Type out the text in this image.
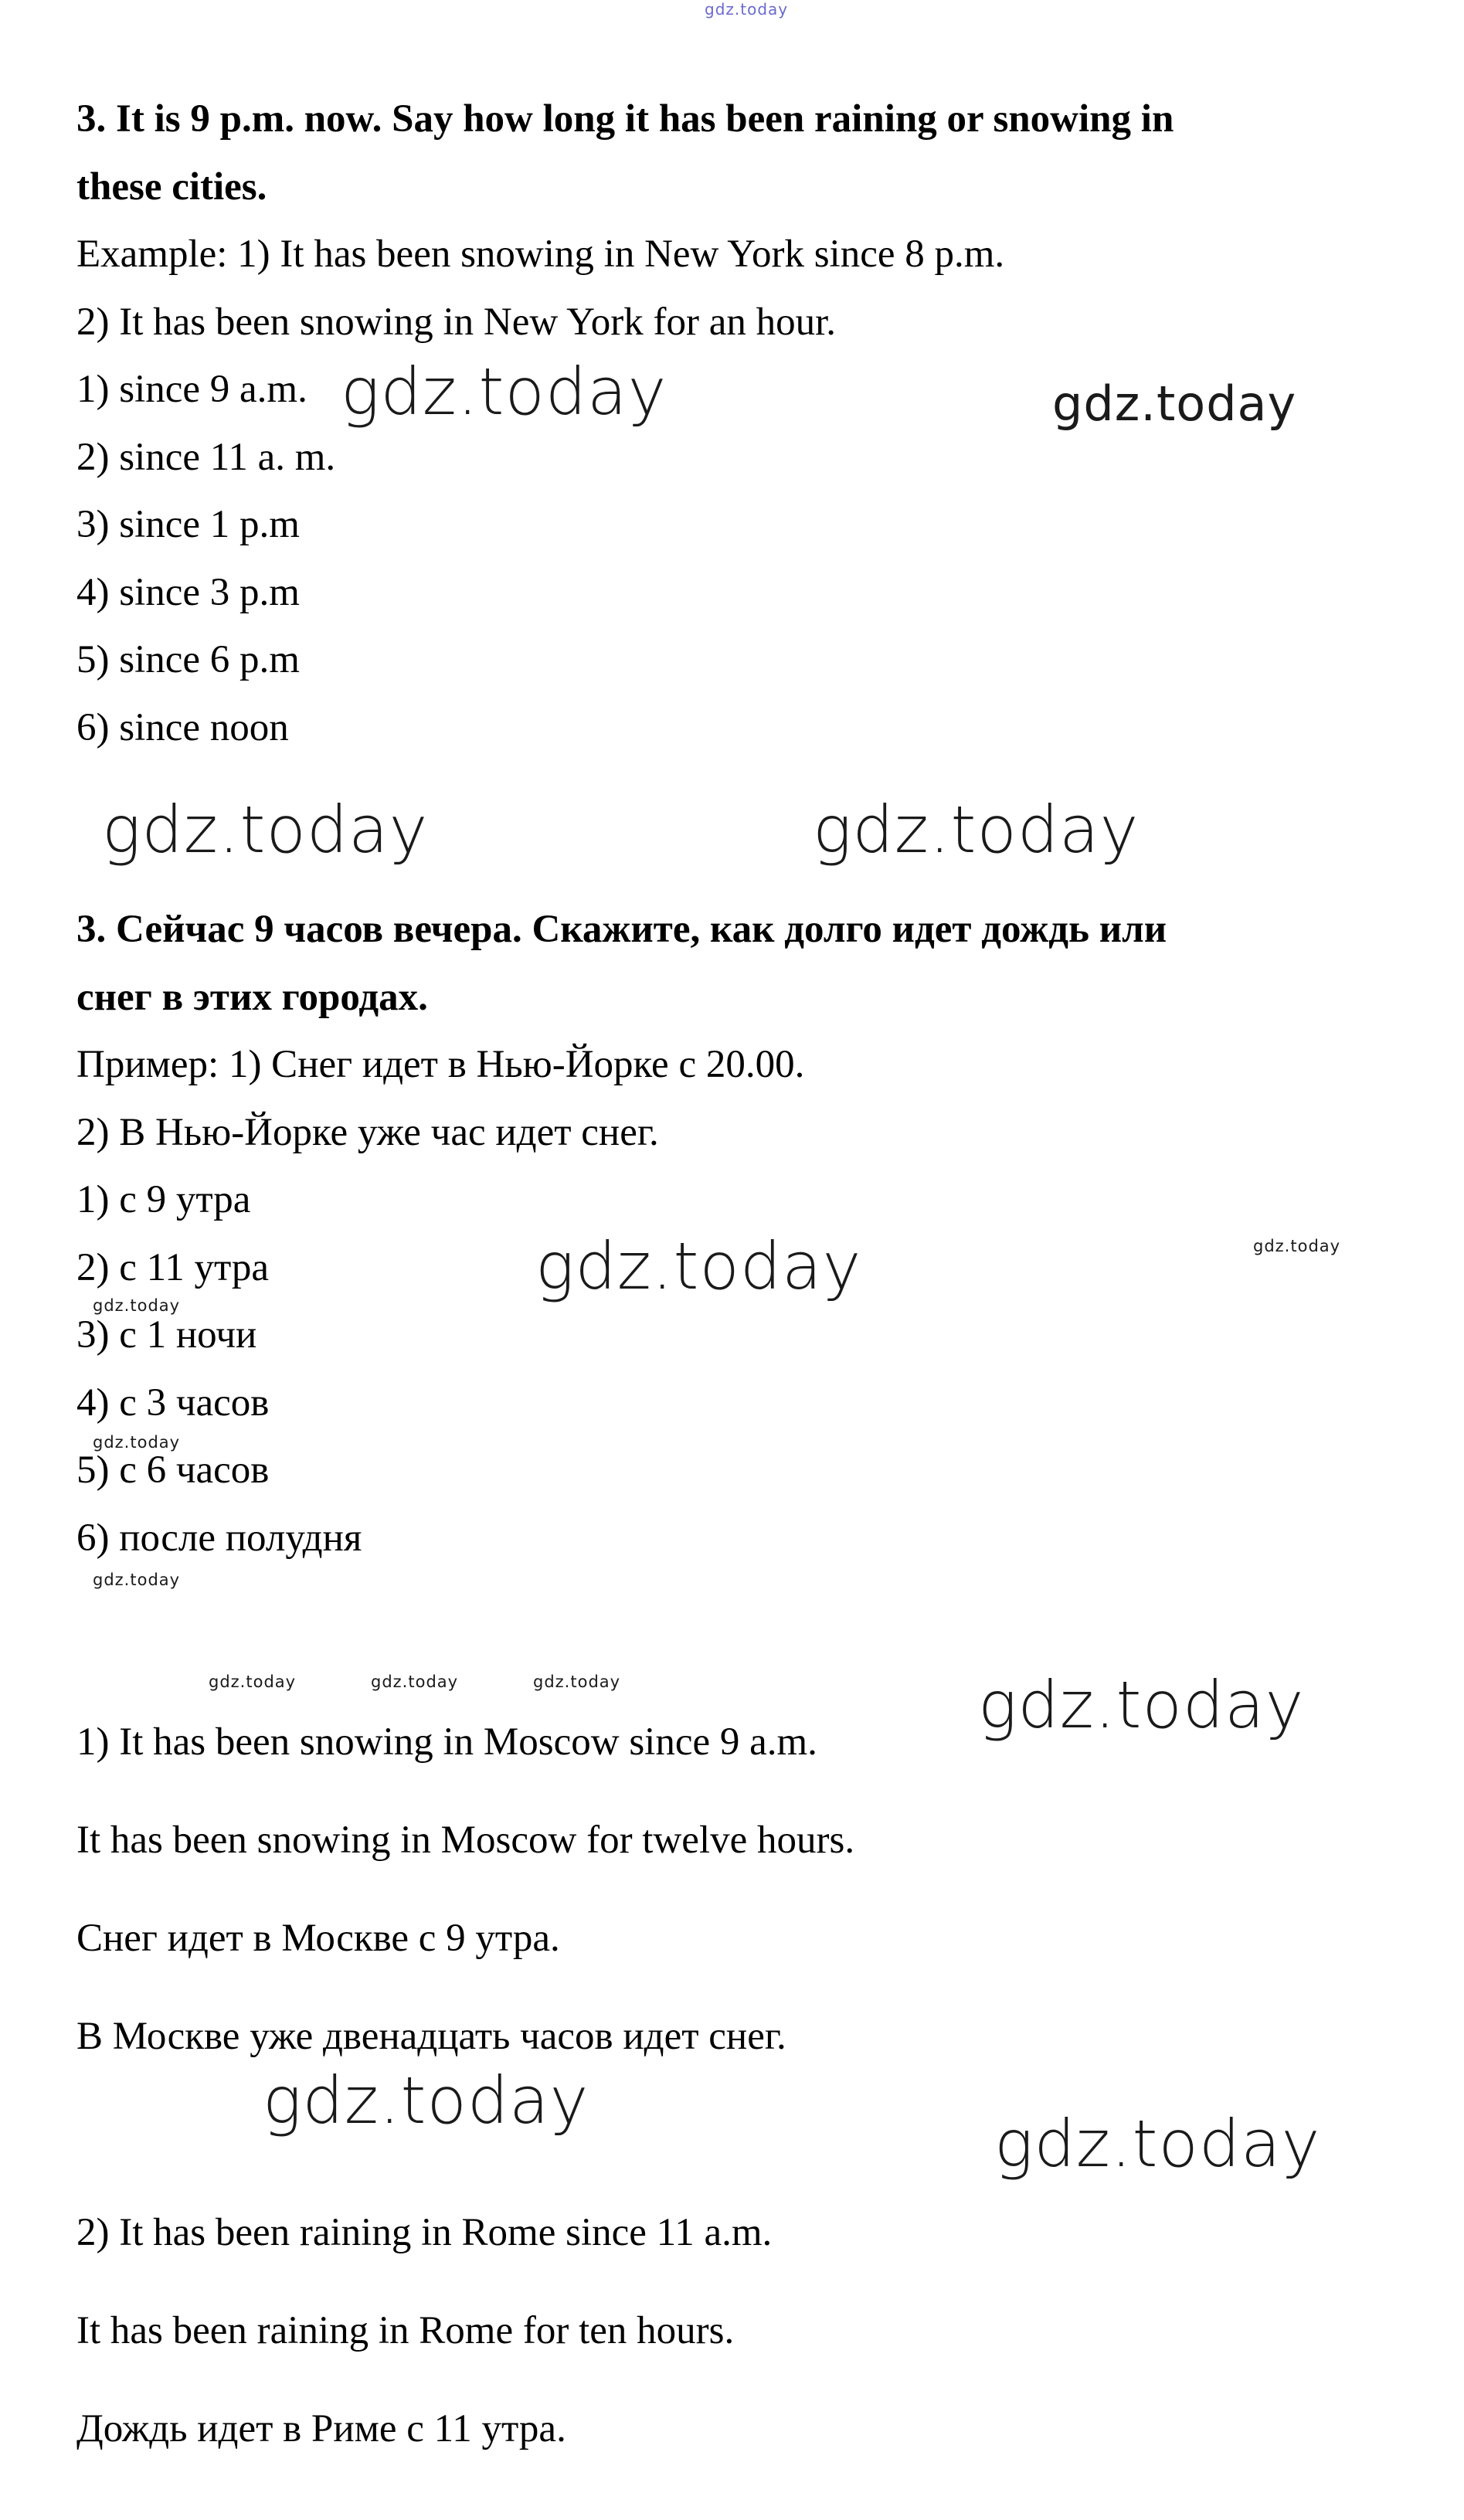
gdz.today
3. It is 9 p.m. now. Say how long it has been raining or snowing in
these cities.
Example: 1) It has been snowing in New York since 8 p.m.
2) It has been snowing in New York for an hour.
1) since 9 a.m.
2) since 11 a. m.
3) since 1 p.m
4) since 3 p.m
5) since 6 p.m
6) since noon
gdz.today	gdz.today
gdz.today	gdz.today
3. Сейчас 9 часов вечера. Скажите, как долго идет дождь или
снег в этих городах.
Пример: 1) Снег идет в Нью-Йорке с 20.00.
2) В Нью-Йорке уже час идет снег.
1) с 9 утра
2) с 11 утра
3) с 1 ночи
4) с 3 часов
5) с 6 часов
6) после полудня
gdz.today	gdz.today
gdz.today
gdz.today
gdz.today
gdz.today	gdz.today	gdz.today
1) It has been snowing in Moscow since 9 a.m. gdz.today
It has been snowing in Moscow for twelve hours.
Снег идет в Москве с 9 утра.
В Москве уже двенадцать часов идет снег.
gdz.today
gdz.today
2) It has been raining in Rome since 11 a.m.
It has been raining in Rome for ten hours.
Дождь идет в Риме с 11 утра.
